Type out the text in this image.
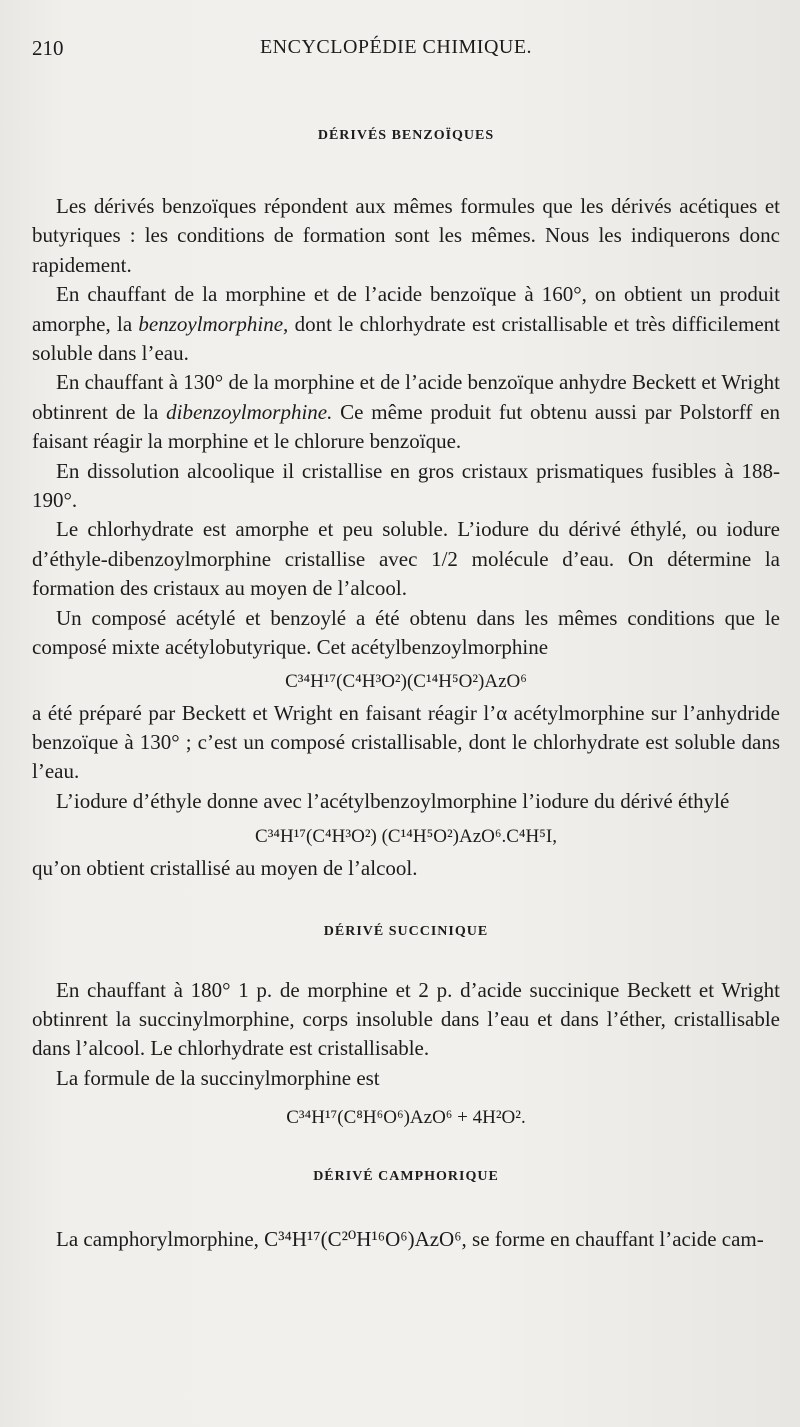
210	ENCYCLOPÉDIE CHIMIQUE.
DÉRIVÉS BENZOÏQUES

Les dérivés benzoïques répondent aux mêmes formules que les dérivés acétiques et butyriques : les conditions de formation sont les mêmes. Nous les indiquerons donc rapidement.

En chauffant de la morphine et de l’acide benzoïque à 160°, on obtient un produit amorphe, la benzoylmorphine, dont le chlorhydrate est cristallisable et très difficilement soluble dans l’eau.

En chauffant à 130° de la morphine et de l’acide benzoïque anhydre Beckett et Wright obtinrent de la dibenzoylmorphine. Ce même produit fut obtenu aussi par Polstorff en faisant réagir la morphine et le chlorure benzoïque.

En dissolution alcoolique il cristallise en gros cristaux prismatiques fusibles à 188-190°.

Le chlorhydrate est amorphe et peu soluble. L’iodure du dérivé éthylé, ou iodure d’éthyle-dibenzoylmorphine cristallise avec 1/2 molécule d’eau. On détermine la formation des cristaux au moyen de l’alcool.

Un composé acétylé et benzoylé a été obtenu dans les mêmes conditions que le composé mixte acétylobutyrique. Cet acétylbenzoylmorphine

C³⁴H¹⁷(C⁴H³O²)(C¹⁴H⁵O²)AzO⁶

a été préparé par Beckett et Wright en faisant réagir l’α acétylmorphine sur l’anhydride benzoïque à 130° ; c’est un composé cristallisable, dont le chlorhydrate est soluble dans l’eau.

L’iodure d’éthyle donne avec l’acétylbenzoylmorphine l’iodure du dérivé éthylé

C³⁴H¹⁷(C⁴H³O²) (C¹⁴H⁵O²)AzO⁶.C⁴H⁵I,

qu’on obtient cristallisé au moyen de l’alcool.

DÉRIVÉ SUCCINIQUE

En chauffant à 180° 1 p. de morphine et 2 p. d’acide succinique Beckett et Wright obtinrent la succinylmorphine, corps insoluble dans l’eau et dans l’éther, cristallisable dans l’alcool. Le chlorhydrate est cristallisable.

La formule de la succinylmorphine est

C³⁴H¹⁷(C⁸H⁶O⁶)AzO⁶ + 4H²O².
DÉRIVÉ CAMPHORIQUE

La camphorylmorphine, C³⁴H¹⁷(C²⁰H¹⁶O⁶)AzO⁶, se forme en chauffant l’acide cam-
